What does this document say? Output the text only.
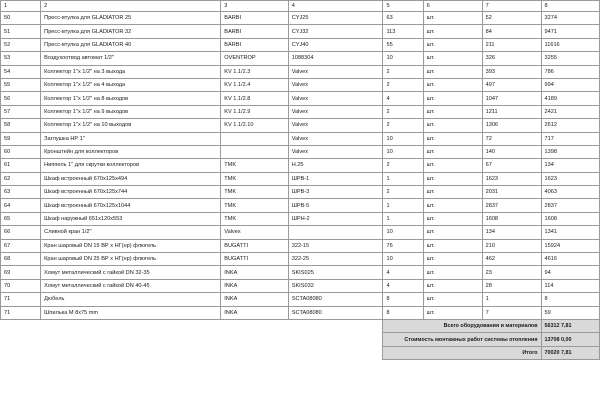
1	2	3	4	5	6	7	8
50	Пресс-втулка для GLADIATOR 25	BARBI	CYJ25	63	шт.	52	3274
51	Пресс-втулка для GLADIATOR 32	BARBI	CYJ32	113	шт.	84	9471
52	Пресс-втулка для GLADIATOR 40	BARBI	CYJ40	55	шт.	211	11616
53	Воздухоотвод автомат 1/2"	OVENTROP	1088304	10	шт.	326	3255
54	Коллектор 1"х 1/2" на 3 выхода	KV 1.1/2.3	Valvex	2	шт.	393	786
55	Коллектор 1"х 1/2" на 4 выхода	KV 1.1/2.4	Valvex	2	шт.	497	994
56	Коллектор 1"х 1/2" на 8 выходов	KV 1.1/2.8	Valvex	4	шт.	1047	4189
57	Коллектор 1"х 1/2" на 9 выходов	KV 1.1/2.9	Valvex	2	шт.	1211	2421
58	Коллектор 1"х 1/2" на 10 выходов	KV 1.1/2.10	Valvex	2	шт.	1306	2612
59	Заглушка НР 1"		Valvex	10	шт.	72	717
60	Кронштейн для коллекторов		Valvex	10	шт.	140	1398
61	Ниппель 1" для скрутки коллекторов	TMK	H.25	2	шт.	67	134
62	Шкаф встроенный 670х125х494	TMK	ШРВ-1	1	шт.	1623	1623
63	Шкаф встроенный 670х125х744	TMK	ШРВ-3	2	шт.	2031	4063
64	Шкаф встроенный 670х125х1044	TMK	ШРВ-5	1	шт.	2837	2837
65	Шкаф наружный 651х120х553	TMK	ШРН-2	1	шт.	1608	1608
66	Сливной кран 1/2"	Valvex		10	шт.	134	1341
67	Кран шаровый DN 15 ВР х НГ(нр) флюгель	BUGATTI	322-15	76	шт.	210	15924
68	Кран шаровый DN 25 ВР х НГ(нр) флюгель	BUGATTI	322-25	10	шт.	462	4616
69	Хомут металлический с гайкой DN 32-35	INKA	SKIS025	4	шт.	23	94
70	Хомут металлический с гайкой DN 40-45	INKA	SKIS032	4	шт.	28	114
71	Дюбель	INKA	SCTA08080	8	шт.	1	8
71	Шпилька М 8х75 mm	INKA	SCTA08080	8	шт.	7	59
				Всего оборудования и материалов			56312 7,81
				Стоимость монтажных работ системы отопления			13708 0,00
				Итого			70020 7,81
